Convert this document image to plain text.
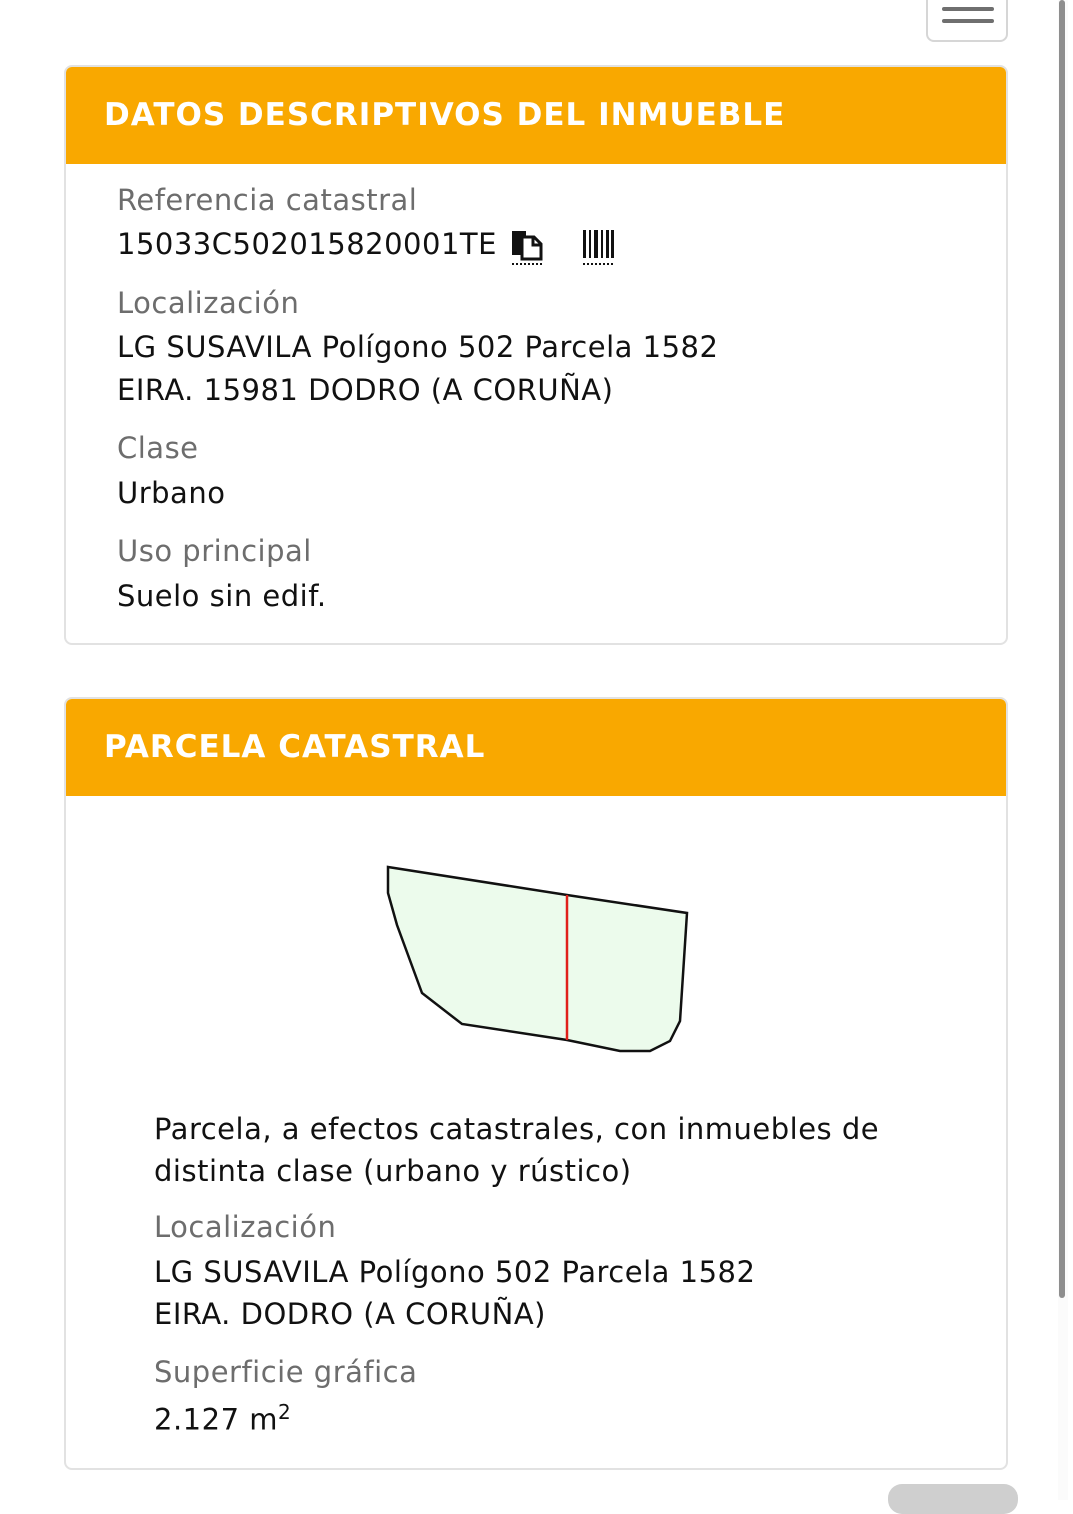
DATOS DESCRIPTIVOS DEL INMUEBLE
Referencia catastral
15033C502015820001TE
Localización
LG SUSAVILA Polígono 502 Parcela 1582
EIRA. 15981 DODRO (A CORUÑA)
Clase
Urbano
Uso principal
Suelo sin edif.
PARCELA CATASTRAL
Parcela, a efectos catastrales, con inmuebles de
distinta clase (urbano y rústico)
Localización
LG SUSAVILA Polígono 502 Parcela 1582
EIRA. DODRO (A CORUÑA)
Superficie gráfica
2.127 $m^2$
